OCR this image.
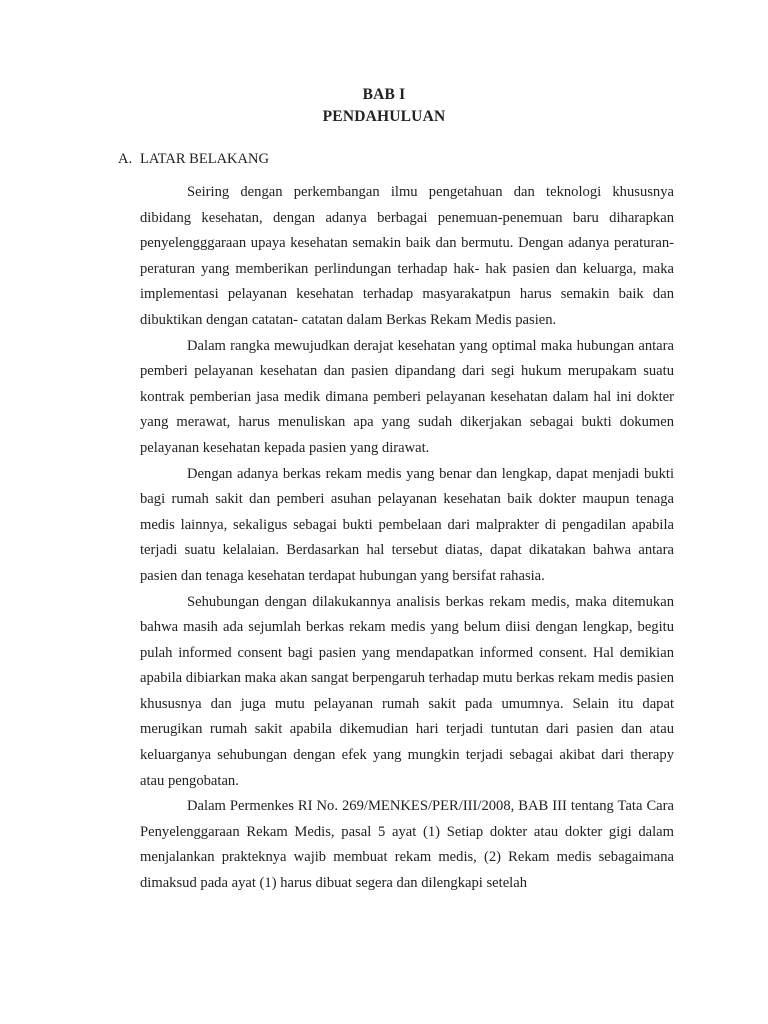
BAB I
PENDAHULUAN
A. LATAR BELAKANG

Seiring dengan perkembangan ilmu pengetahuan dan teknologi khususnya dibidang kesehatan, dengan adanya berbagai penemuan-penemuan baru diharapkan penyelengggaraan upaya kesehatan semakin baik dan bermutu. Dengan adanya peraturan-peraturan yang memberikan perlindungan terhadap hak- hak pasien dan keluarga, maka implementasi pelayanan kesehatan terhadap masyarakatpun harus semakin baik dan dibuktikan dengan catatan- catatan dalam Berkas Rekam Medis pasien.

Dalam rangka mewujudkan derajat kesehatan yang optimal maka hubungan antara pemberi pelayanan kesehatan dan pasien dipandang dari segi hukum merupakam suatu kontrak pemberian jasa medik dimana pemberi pelayanan kesehatan dalam hal ini dokter yang merawat, harus menuliskan apa yang sudah dikerjakan sebagai bukti dokumen pelayanan kesehatan kepada pasien yang dirawat.

Dengan adanya berkas rekam medis yang benar dan lengkap, dapat menjadi bukti bagi rumah sakit dan pemberi asuhan pelayanan kesehatan baik dokter maupun tenaga medis lainnya, sekaligus sebagai bukti pembelaan dari malprakter di pengadilan apabila terjadi suatu kelalaian. Berdasarkan hal tersebut diatas, dapat dikatakan bahwa antara pasien dan tenaga kesehatan terdapat hubungan yang bersifat rahasia.

Sehubungan dengan dilakukannya analisis berkas rekam medis, maka ditemukan bahwa masih ada sejumlah berkas rekam medis yang belum diisi dengan lengkap, begitu pulah informed consent bagi pasien yang mendapatkan informed consent. Hal demikian apabila dibiarkan maka akan sangat berpengaruh terhadap mutu berkas rekam medis pasien khususnya dan juga mutu pelayanan rumah sakit pada umumnya. Selain itu dapat merugikan rumah sakit apabila dikemudian hari terjadi tuntutan dari pasien dan atau keluarganya sehubungan dengan efek yang mungkin terjadi sebagai akibat dari therapy atau pengobatan.

Dalam Permenkes RI No. 269/MENKES/PER/III/2008, BAB III tentang Tata Cara Penyelenggaraan Rekam Medis, pasal 5 ayat (1) Setiap dokter atau dokter gigi dalam menjalankan prakteknya wajib membuat rekam medis, (2) Rekam medis sebagaimana dimaksud pada ayat (1) harus dibuat segera dan dilengkapi setelah
